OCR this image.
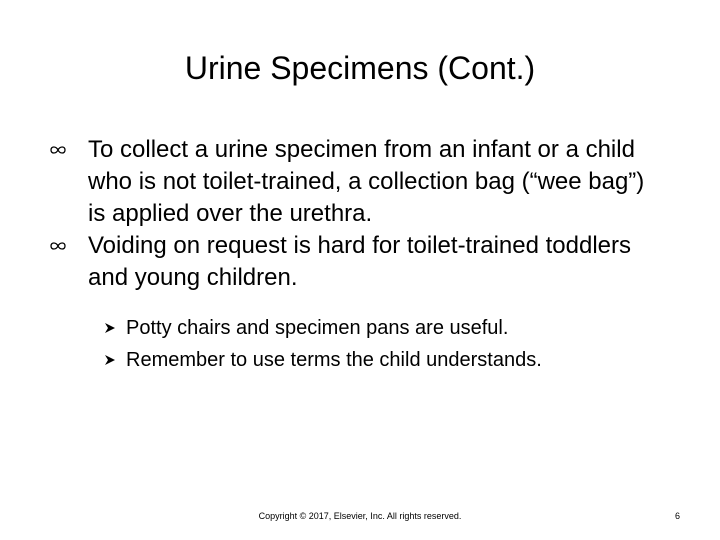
Urine Specimens (Cont.)
To collect a urine specimen from an infant or a child who is not toilet-trained, a collection bag (“wee bag”) is applied over the urethra.
Voiding on request is hard for toilet-trained toddlers and young children.
Potty chairs and specimen pans are useful.
Remember to use terms the child understands.
Copyright © 2017, Elsevier, Inc. All rights reserved.	6
